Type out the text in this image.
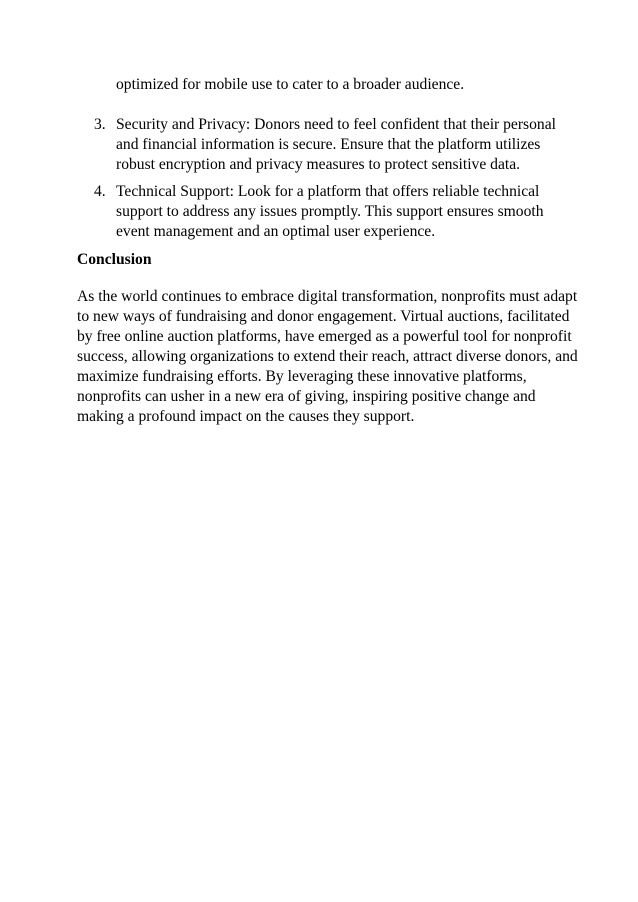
optimized for mobile use to cater to a broader audience.
3. Security and Privacy: Donors need to feel confident that their personal
and financial information is secure. Ensure that the platform utilizes
robust encryption and privacy measures to protect sensitive data.
4. Technical Support: Look for a platform that offers reliable technical
support to address any issues promptly. This support ensures smooth
event management and an optimal user experience.
Conclusion
As the world continues to embrace digital transformation, nonprofits must adapt
to new ways of fundraising and donor engagement. Virtual auctions, facilitated
by free online auction platforms, have emerged as a powerful tool for nonprofit
success, allowing organizations to extend their reach, attract diverse donors, and
maximize fundraising efforts. By leveraging these innovative platforms,
nonprofits can usher in a new era of giving, inspiring positive change and
making a profound impact on the causes they support.
